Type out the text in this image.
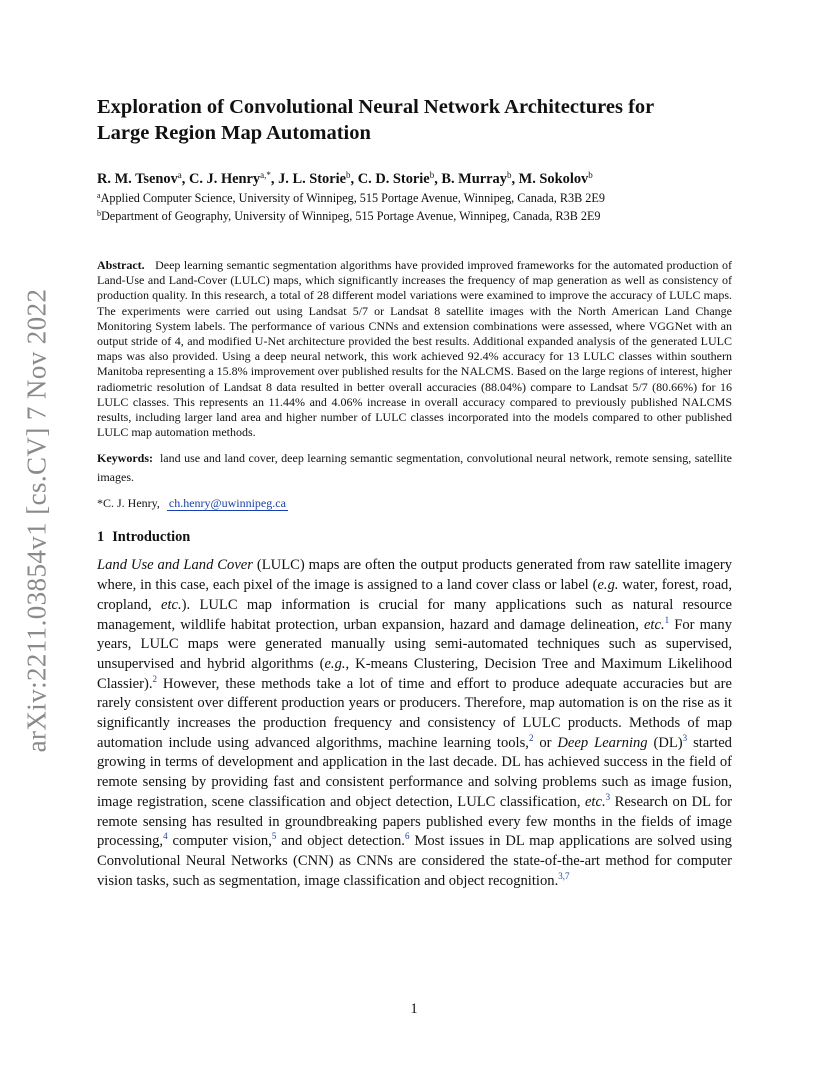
arXiv:2211.03854v1 [cs.CV] 7 Nov 2022
Exploration of Convolutional Neural Network Architectures for
Large Region Map Automation
R. M. Tsenov$^a$, C. J. Henry$^{a,*}$, J. L. Storie$^b$, C. D. Storie$^b$, B. Murray$^b$, M. Sokolov$^b$
$^a$Applied Computer Science, University of Winnipeg, 515 Portage Avenue, Winnipeg, Canada, R3B 2E9
$^b$Department of Geography, University of Winnipeg, 515 Portage Avenue, Winnipeg, Canada, R3B 2E9
Abstract. Deep learning semantic segmentation algorithms have provided improved frameworks for the automated production of Land-Use and Land-Cover (LULC) maps, which significantly increases the frequency of map generation as well as consistency of production quality. In this research, a total of 28 different model variations were examined to improve the accuracy of LULC maps. The experiments were carried out using Landsat 5/7 or Landsat 8 satellite images with the North American Land Change Monitoring System labels. The performance of various CNNs and extension combinations were assessed, where VGGNet with an output stride of 4, and modified U-Net architecture provided the best results. Additional expanded analysis of the generated LULC maps was also provided. Using a deep neural network, this work achieved 92.4% accuracy for 13 LULC classes within southern Manitoba representing a 15.8% improvement over published results for the NALCMS. Based on the large regions of interest, higher radiometric resolution of Landsat 8 data resulted in better overall accuracies (88.04%) compare to Landsat 5/7 (80.66%) for 16 LULC classes. This represents an 11.44% and 4.06% increase in overall accuracy compared to previously published NALCMS results, including larger land area and higher number of LULC classes incorporated into the models compared to other published LULC map automation methods.
Keywords: land use and land cover, deep learning semantic segmentation, convolutional neural network, remote sensing, satellite images.
*C. J. Henry, ch.henry@uwinnipeg.ca
1 Introduction
Land Use and Land Cover (LULC) maps are often the output products generated from raw satellite imagery where, in this case, each pixel of the image is assigned to a land cover class or label (e.g. water, forest, road, cropland, etc.). LULC map information is crucial for many applications such as natural resource management, wildlife habitat protection, urban expansion, hazard and damage delineation, etc.$^1$ For many years, LULC maps were generated manually using semi-automated techniques such as supervised, unsupervised and hybrid algorithms (e.g., K-means Clustering, Decision Tree and Maximum Likelihood Classier).$^2$ However, these methods take a lot of time and effort to produce adequate accuracies but are rarely consistent over different production years or producers. Therefore, map automation is on the rise as it significantly increases the production frequency and consistency of LULC products. Methods of map automation include using advanced algorithms, machine learning tools,$^2$ or Deep Learning (DL)$^3$ started growing in terms of development and application in the last decade. DL has achieved success in the field of remote sensing by providing fast and consistent performance and solving problems such as image fusion, image registration, scene classification and object detection, LULC classification, etc.$^3$ Research on DL for remote sensing has resulted in groundbreaking papers published every few months in the fields of image processing,$^4$ computer vision,$^5$ and object detection.$^6$ Most issues in DL map applications are solved using Convolutional Neural Networks (CNN) as CNNs are considered the state-of-the-art method for computer vision tasks, such as segmentation, image classification and object recognition.$^{3,7}$
1
